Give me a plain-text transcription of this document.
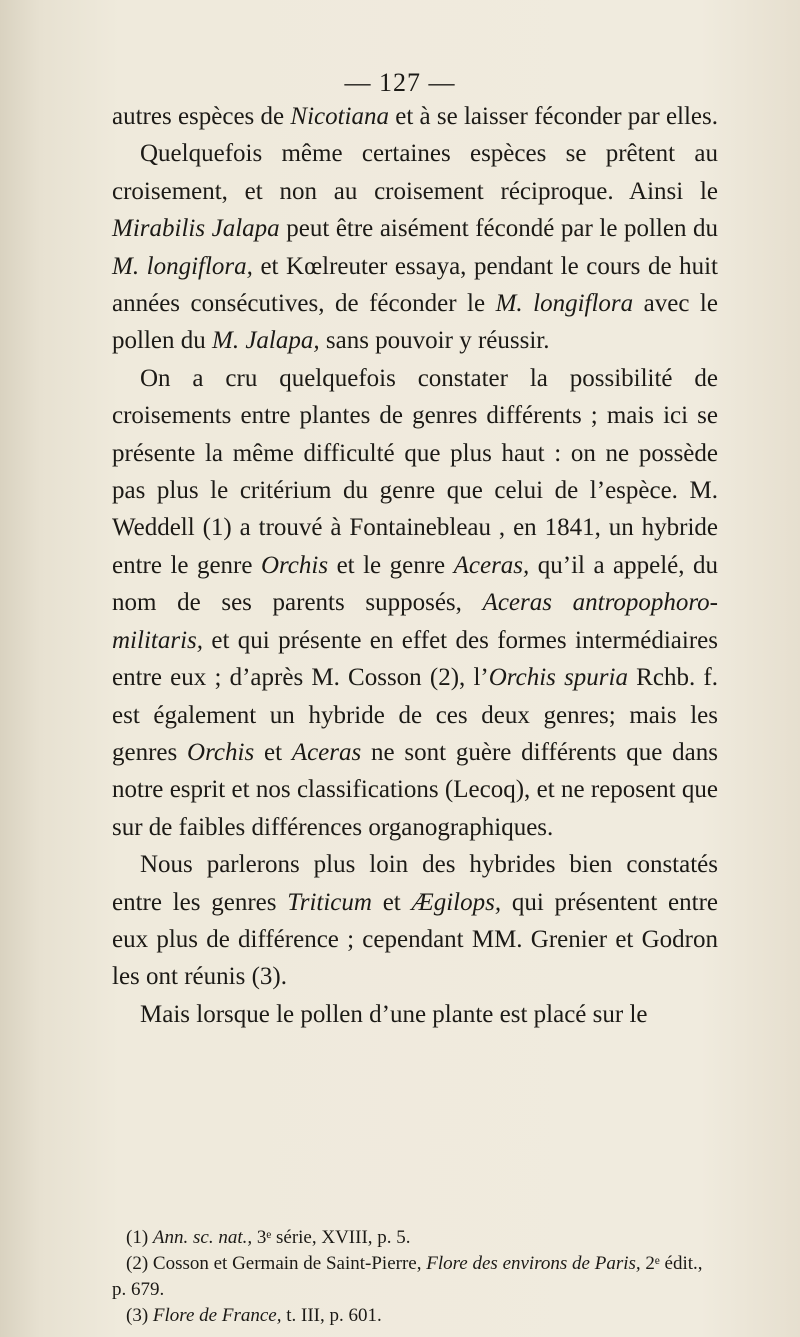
— 127 —

autres espèces de Nicotiana et à se laisser féconder par elles.

Quelquefois même certaines espèces se prêtent au croisement, et non au croisement réciproque. Ainsi le Mirabilis Jalapa peut être aisément fécondé par le pollen du M. longiflora, et Kœlreuter essaya, pendant le cours de huit années consécutives, de féconder le M. longiflora avec le pollen du M. Jalapa, sans pouvoir y réussir.

On a cru quelquefois constater la possibilité de croisements entre plantes de genres différents ; mais ici se présente la même difficulté que plus haut : on ne possède pas plus le critérium du genre que celui de l’espèce. M. Weddell (1) a trouvé à Fontainebleau , en 1841, un hybride entre le genre Orchis et le genre Aceras, qu’il a appelé, du nom de ses parents supposés, Aceras antropophoro-militaris, et qui présente en effet des formes intermédiaires entre eux ; d’après M. Cosson (2), l’Orchis spuria Rchb. f. est également un hybride de ces deux genres; mais les genres Orchis et Aceras ne sont guère différents que dans notre esprit et nos classifications (Lecoq), et ne reposent que sur de faibles différences organographiques.

Nous parlerons plus loin des hybrides bien constatés entre les genres Triticum et Ægilops, qui présentent entre eux plus de différence ; cependant MM. Grenier et Godron les ont réunis (3).

Mais lorsque le pollen d’une plante est placé sur le

(1) Ann. sc. nat., 3ᵉ série, XVIII, p. 5.
(2) Cosson et Germain de Saint-Pierre, Flore des environs de Paris, 2ᵉ édit., p. 679.
(3) Flore de France, t. III, p. 601.
